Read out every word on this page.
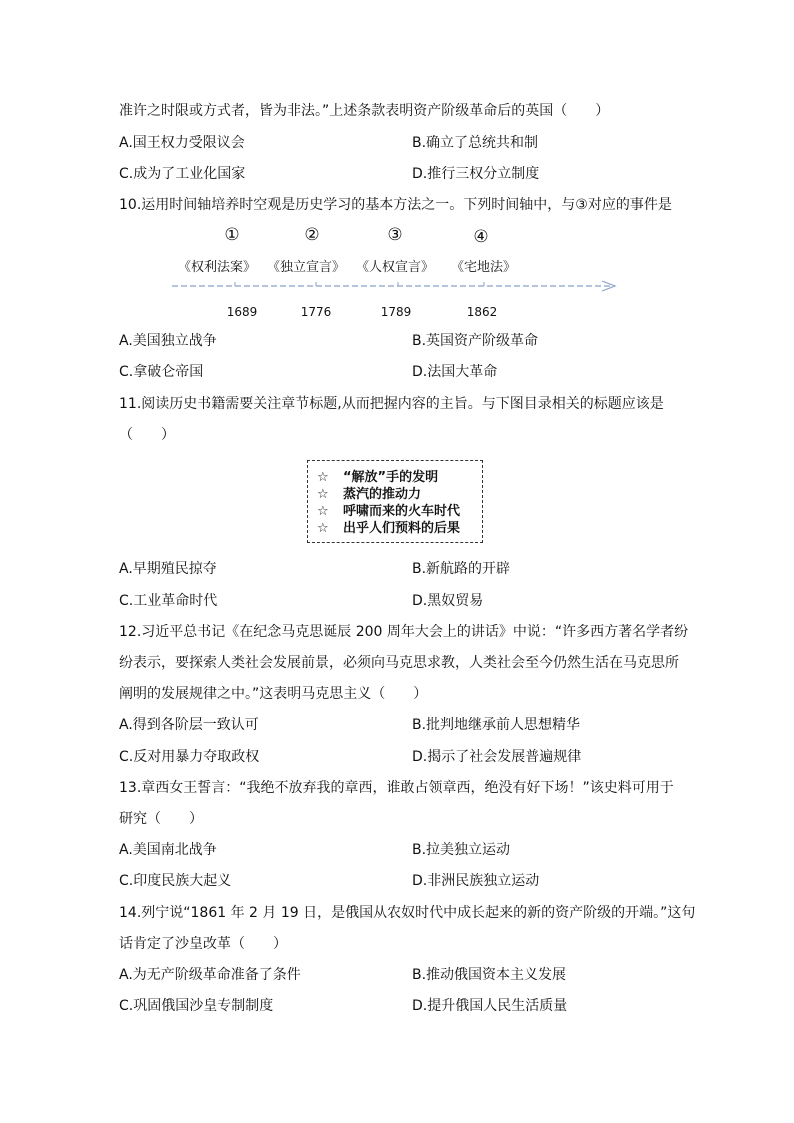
准许之时限或方式者，皆为非法。”上述条款表明资产阶级革命后的英国（　　）
A.国王权力受限议会	B.确立了总统共和制
C.成为了工业化国家	D.推行三权分立制度
10.运用时间轴培养时空观是历史学习的基本方法之一。下列时间轴中，与③对应的事件是
①	②	③	④
《权利法案》 《独立宣言》 《人权宣言》 《宅地法》
1689	1776	1789	1862
A.美国独立战争	B.英国资产阶级革命
C.拿破仑帝国	D.法国大革命
11.阅读历史书籍需要关注章节标题,从而把握内容的主旨。与下图目录相关的标题应该是
（　　）
☆ “解放”手的发明
☆ 蒸汽的推动力
☆ 呼啸而来的火车时代
☆ 出乎人们预料的后果
A.早期殖民掠夺	B.新航路的开辟
C.工业革命时代	D.黑奴贸易
12.习近平总书记《在纪念马克思诞辰 200 周年大会上的讲话》中说：“许多西方著名学者纷
纷表示，要探索人类社会发展前景，必须向马克思求教，人类社会至今仍然生活在马克思所
阐明的发展规律之中。”这表明马克思主义（　　）
A.得到各阶层一致认可	B.批判地继承前人思想精华
C.反对用暴力夺取政权	D.揭示了社会发展普遍规律
13.章西女王誓言：“我绝不放弃我的章西，谁敢占领章西，绝没有好下场！”该史料可用于
研究（　　）
A.美国南北战争	B.拉美独立运动
C.印度民族大起义	D.非洲民族独立运动
14.列宁说“1861 年 2 月 19 日，是俄国从农奴时代中成长起来的新的资产阶级的开端。”这句
话肯定了沙皇改革（　　）
A.为无产阶级革命准备了条件	B.推动俄国资本主义发展
C.巩固俄国沙皇专制制度	D.提升俄国人民生活质量
